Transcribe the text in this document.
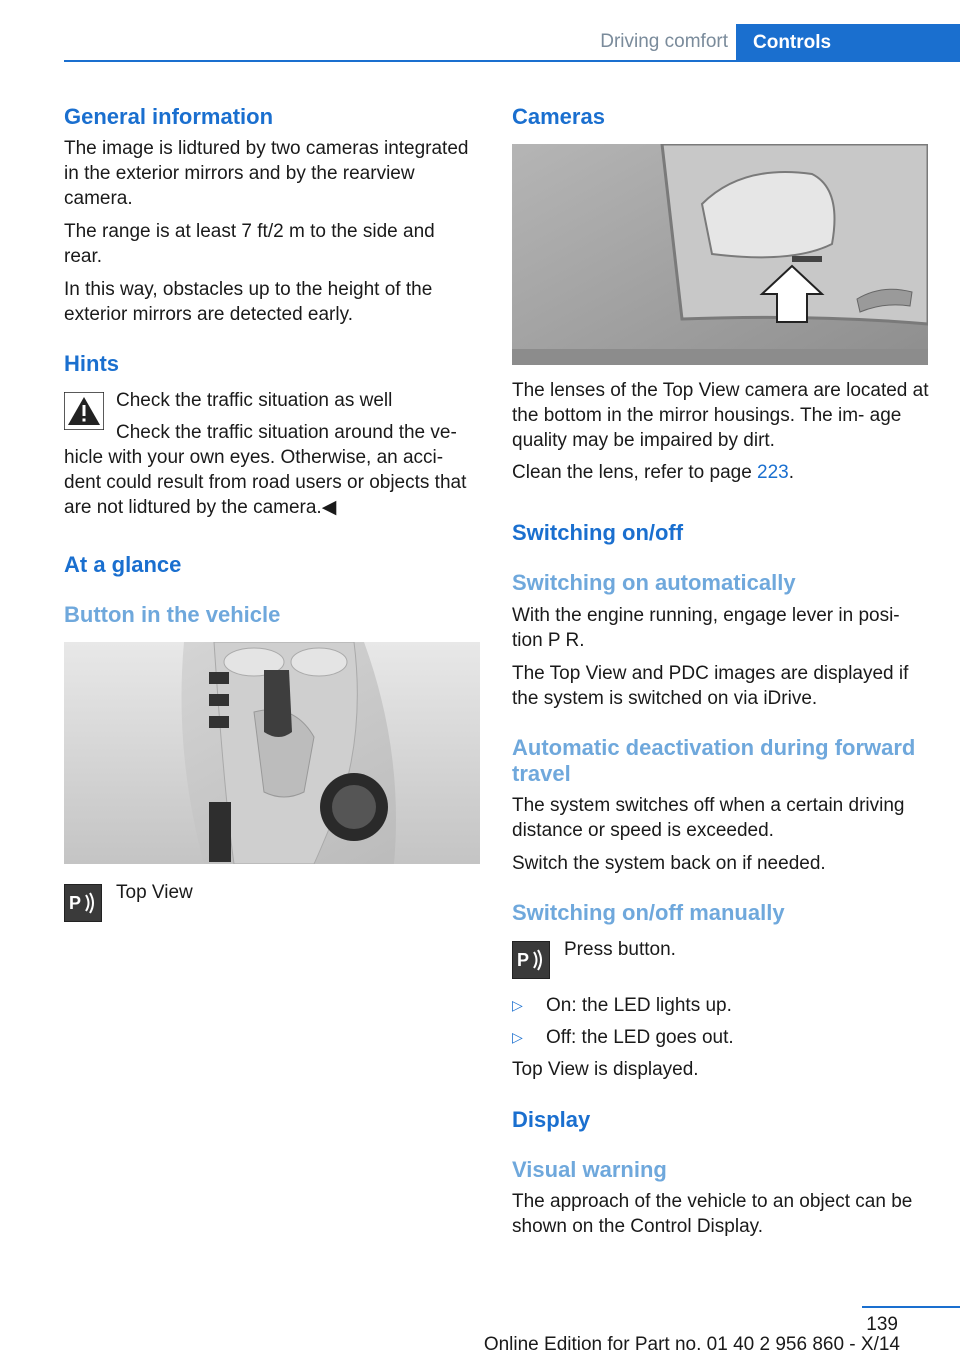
Driving comfort	Controls
General information

The image is lidtured by two cameras integrated in the exterior mirrors and by the rearview camera.

The range is at least 7 ft/2 m to the side and rear.

In this way, obstacles up to the height of the exterior mirrors are detected early.

Hints

Check the traffic situation as well

Check the traffic situation around the ve‐

hicle with your own eyes. Otherwise, an acci‐ dent could result from road users or objects that are not lidtured by the camera.◀

At a glance
Button in the vehicle
P Top View

Cameras

The lenses of the Top View camera are located at the bottom in the mirror housings. The im‐ age quality may be impaired by dirt.

Clean the lens, refer to page 223.

Switching on/off
Switching on automatically

With the engine running, engage lever in posi‐ tion P R.

The Top View and PDC images are displayed if the system is switched on via iDrive.

Automatic deactivation during forward travel

The system switches off when a certain driving distance or speed is exceeded.

Switch the system back on if needed.

Switching on/off manually
P Press button.

▷ On: the LED lights up.

▷ Off: the LED goes out.

Top View is displayed.

Display
Visual warning

The approach of the vehicle to an object can be shown on the Control Display.

139
Online Edition for Part no. 01 40 2 956 860 - X/14
